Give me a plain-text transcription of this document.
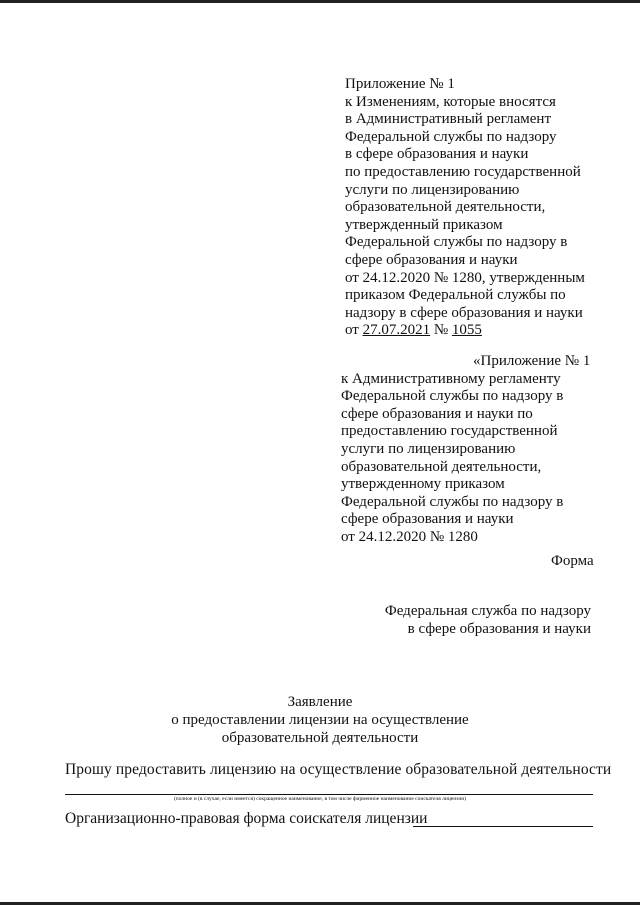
Приложение № 1
к Изменениям, которые вносятся
в Административный регламент
Федеральной службы по надзору
в сфере образования и науки
по предоставлению государственной
услуги по лицензированию
образовательной деятельности,
утвержденный приказом
Федеральной службы по надзору в
сфере образования и науки
от 24.12.2020 № 1280, утвержденным
приказом Федеральной службы по
надзору в сфере образования и науки
от 27.07.2021 № 1055
«Приложение № 1
к Административному регламенту
Федеральной службы по надзору в
сфере образования и науки по
предоставлению государственной
услуги по лицензированию
образовательной деятельности,
утвержденному приказом
Федеральной службы по надзору в
сфере образования и науки
от 24.12.2020 № 1280
Форма
Федеральная служба по надзору
в сфере образования и науки
Заявление
о предоставлении лицензии на осуществление
образовательной деятельности
Прошу предоставить лицензию на осуществление образовательной деятельности
(полное и (в случае, если имеется) сокращенное наименование, в том числе фирменное наименование соискателя лицензии)
Организационно-правовая форма соискателя лицензии
